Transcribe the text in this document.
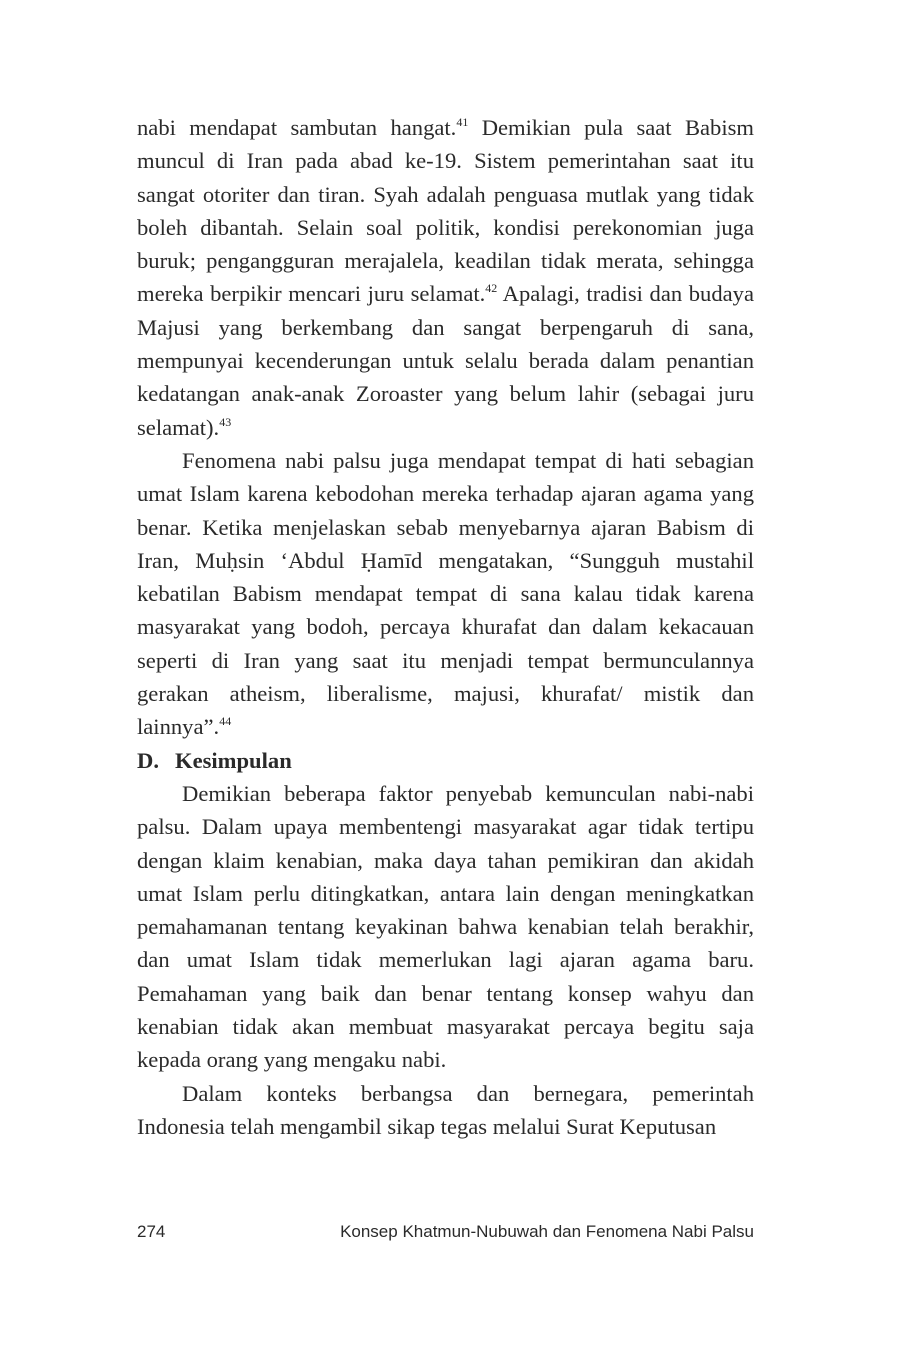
nabi mendapat sambutan hangat.$^{41}$ Demikian pula saat Babism muncul di Iran pada abad ke-19. Sistem pemerintahan saat itu sangat otoriter dan tiran. Syah adalah penguasa mutlak yang tidak boleh dibantah. Selain soal politik, kondisi perekonomian juga buruk; pengangguran merajalela, keadilan tidak merata, sehingga mereka berpikir mencari juru selamat.$^{42}$ Apalagi, tradisi dan budaya Majusi yang berkembang dan sangat berpengaruh di sana, mempunyai kecenderungan untuk selalu berada dalam penantian kedatangan anak-anak Zoroaster yang belum lahir (sebagai juru selamat).$^{43}$

Fenomena nabi palsu juga mendapat tempat di hati sebagian umat Islam karena kebodohan mereka terhadap ajaran agama yang benar. Ketika menjelaskan sebab menyebarnya ajaran Babism di Iran, Muḥsin ‘Abdul Ḥamīd mengatakan, “Sungguh mustahil kebatilan Babism mendapat tempat di sana kalau tidak karena masyarakat yang bodoh, percaya khurafat dan dalam kekacauan seperti di Iran yang saat itu menjadi tempat bermunculannya gerakan atheism, liberalisme, majusi, khurafat/ mistik dan lainnya”.$^{44}$

D. Kesimpulan

Demikian beberapa faktor penyebab kemunculan nabi-nabi palsu. Dalam upaya membentengi masyarakat agar tidak tertipu dengan klaim kenabian, maka daya tahan pemikiran dan akidah umat Islam perlu ditingkatkan, antara lain dengan meningkatkan pemahamanan tentang keyakinan bahwa kenabian telah berakhir, dan umat Islam tidak memerlukan lagi ajaran agama baru. Pemahaman yang baik dan benar tentang konsep wahyu dan kenabian tidak akan membuat masyarakat percaya begitu saja kepada orang yang mengaku nabi.

Dalam konteks berbangsa dan bernegara, pemerintah Indonesia telah mengambil sikap tegas melalui Surat Keputusan

274	Konsep Khatmun-Nubuwah dan Fenomena Nabi Palsu
